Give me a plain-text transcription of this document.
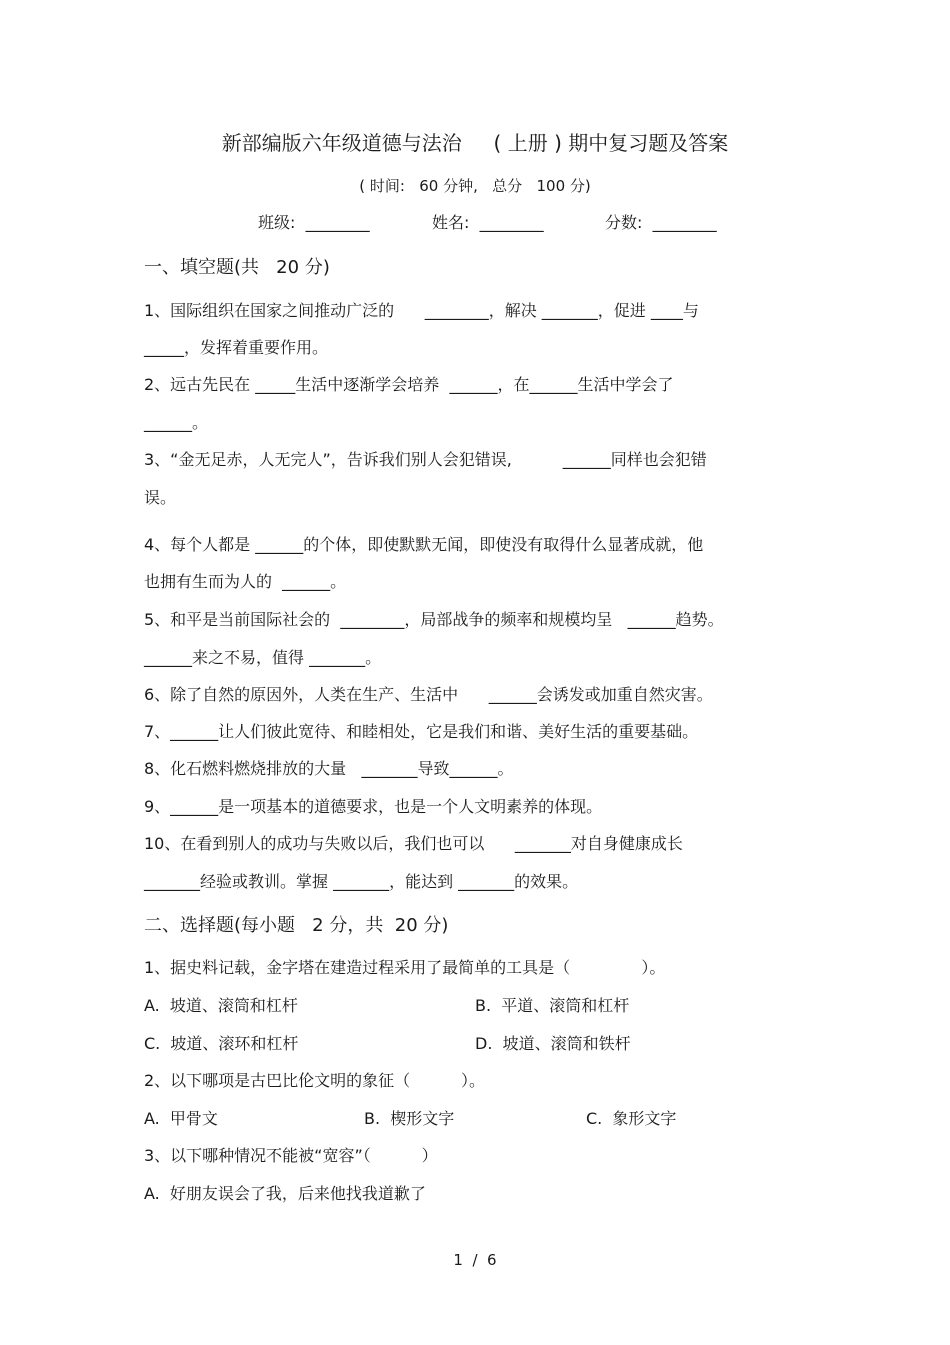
新部编版六年级道德与法治     ( 上册 ) 期中复习题及答案
( 时间:   60 分钟,   总分   100 分)
班级:  ________	姓名:  ________	分数:  ________
一、填空题(共   20 分)
1、国际组织在国家之间推动广泛的      ________，解决 _______，促进 ____与
_____，发挥着重要作用。
2、远古先民在 _____生活中逐渐学会培养  ______，在______生活中学会了
______。
3、“金无足赤，人无完人”，告诉我们别人会犯错误,          ______同样也会犯错
误。
4、每个人都是 ______的个体，即使默默无闻，即使没有取得什么显著成就，他
也拥有生而为人的  ______。
5、和平是当前国际社会的  ________，局部战争的频率和规模均呈   ______趋势。
______来之不易，值得 _______。
6、除了自然的原因外，人类在生产、生活中      ______会诱发或加重自然灾害。
7、______让人们彼此宽待、和睦相处，它是我们和谐、美好生活的重要基础。
8、化石燃料燃烧排放的大量   _______导致______。
9、______是一项基本的道德要求，也是一个人文明素养的体现。
10、在看到别人的成功与失败以后，我们也可以      _______对自身健康成长
_______经验或教训。掌握 _______，能达到 _______的效果。
二、选择题(每小题   2 分，共  20 分)
1、据史料记载，金字塔在建造过程采用了最简单的工具是（              ）。
A.  坡道、滚筒和杠杆	B.  平道、滚筒和杠杆
C.  坡道、滚环和杠杆	D.  坡道、滚筒和铁杆
2、以下哪项是古巴比伦文明的象征（          ）。
A.  甲骨文	B.  楔形文字	C.  象形文字
3、以下哪种情况不能被“宽容”（          ）
A.  好朋友误会了我，后来他找我道歉了
1  /  6
